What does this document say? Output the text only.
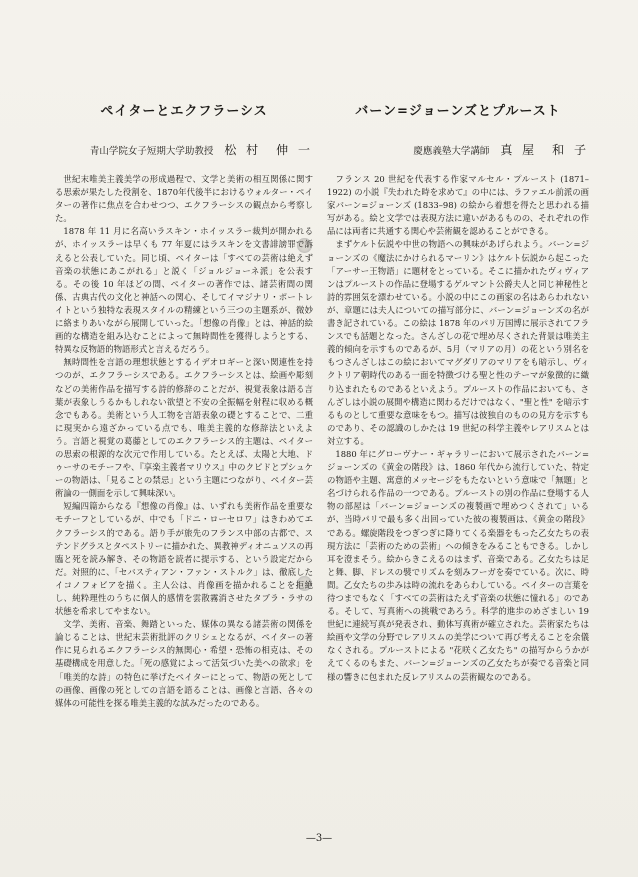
ペイターとエクフラーシス

青山学院女子短期大学助教授 松 村　伸 一

世紀末唯美主義美学の形成過程で、文学と美術の相互関係に関する思索が果たした役割を、1870年代後半におけるウォルター・ペイターの著作に焦点を合わせつつ、エクフラーシスの観点から考察した。

1878 年 11 月に名高いラスキン・ホイッスラー裁判が開かれるが、ホイッスラーは早くも 77 年夏にはラスキンを文書誹謗罪で訴えると公表していた。同じ頃、ペイターは「すべての芸術は絶えず音楽の状態にあこがれる」と説く「ジョルジョーネ派」を公表する。その後 10 年ほどの間、ペイターの著作では、諸芸術間の関係、古典古代の文化と神話への関心、そしてイマジナリ・ポートレイトという独特な表現スタイルの精練という三つの主題系が、微妙に絡まりあいながら展開していった。「想像の肖像」とは、神話的絵画的な構造を組み込むことによって無時間性を獲得しようとする、特異な反物語的物語形式と言えるだろう。

無時間性を言語の理想状態とするイデオロギーと深い関連性を持つのが、エクフラーシスである。エクフラーシスとは、絵画や彫刻などの美術作品を描写する詩的修辞のことだが、視覚表象は語る言葉が表象しうるかもしれない欲望と不安の全振幅を射程に収める概念でもある。美術という人工物を言語表象の礎とすることで、二重に現実から遠ざかっている点でも、唯美主義的な修辞法といえよう。言語と視覚の葛藤としてのエクフラーシス的主題は、ペイターの思索の根源的な次元で作用している。たとえば、太陽と大地、ドゥーサのモチーフや、『享楽主義者マリウス』中のクピドとプシュケーの物語は、「見ることの禁忌」という主題につながり、ペイター芸術論の一側面を示して興味深い。

短編四篇からなる『想像の肖像』は、いずれも美術作品を重要なモチーフとしているが、中でも「ドニ・ローセロワ」はきわめてエクフラーシス的である。語り手が旅先のフランス中部の古都で、ステンドグラスとタペストリーに描かれた、異教神ディオニュソスの再臨と死を読み解き、その物語を読者に提示する、という設定だからだ。対照的に、「セバスティアン・ファン・ストルク」は、徹底したイコノフォビアを描く。主人公は、肖像画を描かれることを拒絶し、純粋理性のうちに個人的感情を雲散霧消させたタブラ・ラサの状態を希求してやまない。

文学、美術、音楽、舞踏といった、媒体の異なる諸芸術の関係を論じることは、世紀末芸術批評のクリシェとなるが、ペイターの著作に見られるエクフラーシス的無関心・希望・恐怖の相克は、その基礎構成を用意した。「死の感覚によって活気づいた美への欲求」を「唯美的な詩」の特色に挙げたペイターにとって、物語の死としての画像、画像の死としての言語を語ることは、画像と言語、各々の媒体の可能性を探る唯美主義的な試みだったのである。

バーン=ジョーンズとプルースト

慶應義塾大学講師 真 屋　和 子

フランス 20 世紀を代表する作家マルセル・プルースト (1871–1922) の小説『失われた時を求めて』の中には、ラファエル前派の画家バーン=ジョーンズ (1833–98) の絵から着想を得たと思われる描写がある。絵と文学では表現方法に違いがあるものの、それぞれの作品には両者に共通する関心や芸術観を認めることができる。

まずケルト伝説や中世の物語への興味があげられよう。バーン=ジョーンズの《魔法にかけられるマーリン》はケルト伝説から起こった「アーサー王物語」に題材をとっている。そこに描かれたヴィヴィアンはプルーストの作品に登場するゲルマント公爵夫人と同じ神秘性と詩的雰囲気を漂わせている。小説の中にこの画家の名はあらわれないが、章題には夫人についての描写部分に、バーン=ジョーンズの名が書き記されている。この絵は 1878 年のパリ万国博に展示されてフランスでも話題となった。さんざしの花で埋め尽くされた背景は唯美主義的傾向を示すものであるが、5月（マリアの月）の花という別名をもつさんざしはこの絵においてマグダリアのマリアをも暗示し、ヴィクトリア朝時代のある一面を特徴づける聖と性のテーマが象徴的に織り込まれたものであるといえよう。プルーストの作品においても、さんざしは小説の展開や構造に関わるだけではなく、"聖と性" を暗示するものとして重要な意味をもつ。描写は彼独自のものの見方を示すものであり、その認識のしかたは 19 世紀の科学主義やレアリスムとは対立する。

1880 年にグローヴナー・ギャラリーにおいて展示されたバーン=ジョーンズの《黄金の階段》は、1860 年代から流行していた、特定の物語や主題、寓意的メッセージをもたないという意味で「無題」と名づけられる作品の一つである。プルーストの別の作品に登場する人物の部屋は「バーン=ジョーンズの複製画で埋めつくされて」いるが、当時パリで最も多く出回っていた彼の複製画は、《黄金の階段》である。螺旋階段をつぎつぎに降りてくる楽器をもった乙女たちの表現方法に「芸術のための芸術」への傾きをみることもできる。しかし耳を澄まそう。絵からきこえるのはまず、音楽である。乙女たちは足と舞、脚、ドレスの襞でリズムを刻みフーガを奏でている。次に、時間。乙女たちの歩みは時の流れをあらわしている。ペイターの言葉を待つまでもなく「すべての芸術はたえず音楽の状態に憧れる」のである。そして、写真術への挑戦であろう。科学的進歩のめざましい 19 世紀に連続写真が発表され、動体写真術が確立された。芸術家たちは絵画や文学の分野でレアリスムの美学について再び考えることを余儀なくされる。プルーストによる "花咲く乙女たち" の描写からうかがえてくるのもまた、バーン=ジョーンズの乙女たちが奏でる音楽と同様の響きに包まれた反レアリスムの芸術観なのである。

—3—
